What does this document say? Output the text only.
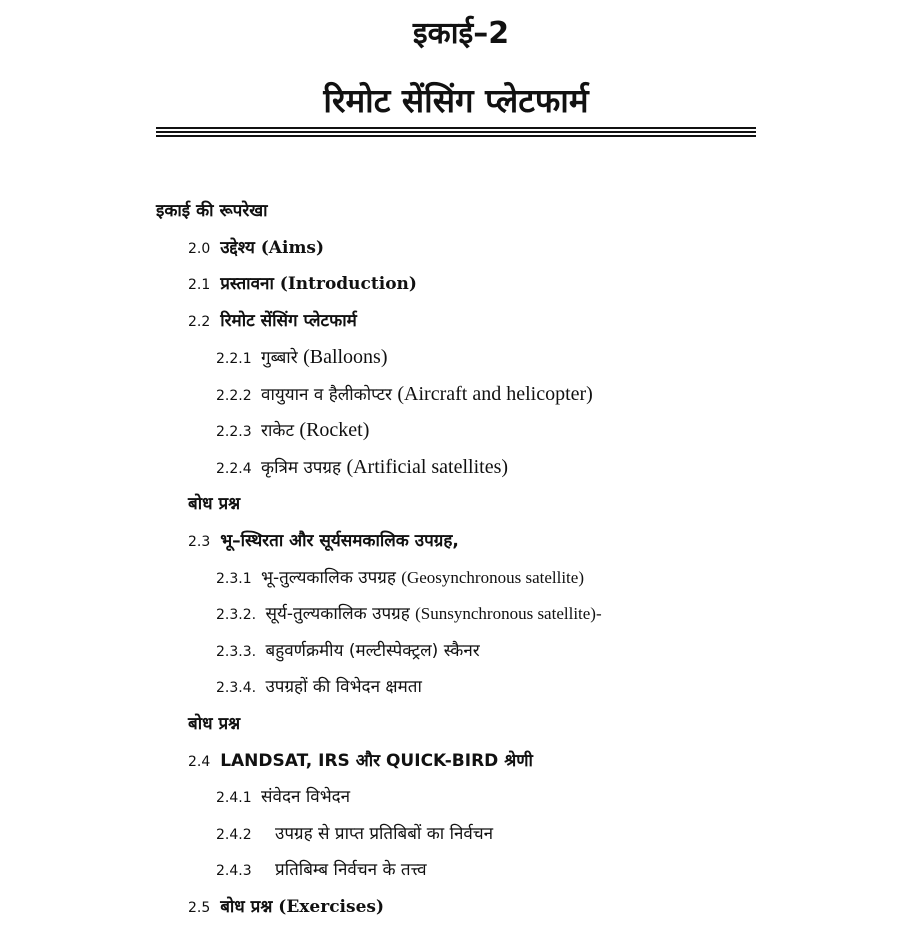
इकाई–2
रिमोट सेंसिंग प्लेटफार्म
इकाई की रूपरेखा
2.0 उद्देश्य (Aims)
2.1 प्रस्तावना (Introduction)
2.2 रिमोट सेंसिंग प्लेटफार्म
2.2.1 गुब्बारे (Balloons)
2.2.2 वायुयान व हैलीकोप्टर (Aircraft and helicopter)
2.2.3 राकेट (Rocket)
2.2.4 कृत्रिम उपग्रह (Artificial satellites)
बोध प्रश्न
2.3 भू–स्थिरता और सूर्यसमकालिक उपग्रह,
2.3.1 भू-तुल्यकालिक उपग्रह (Geosynchronous satellite)
2.3.2. सूर्य-तुल्यकालिक उपग्रह (Sunsynchronous satellite)-
2.3.3. बहुवर्णक्रमीय (मल्टीस्पेक्ट्रल) स्कैनर
2.3.4. उपग्रहों की विभेदन क्षमता
बोध प्रश्न
2.4 LANDSAT, IRS और QUICK-BIRD श्रेणी
2.4.1 संवेदन विभेदन
2.4.2 उपग्रह से प्राप्त प्रतिबिबों का निर्वचन
2.4.3 प्रतिबिम्ब निर्वचन के तत्त्व
2.5 बोध प्रश्न (Exercises)
